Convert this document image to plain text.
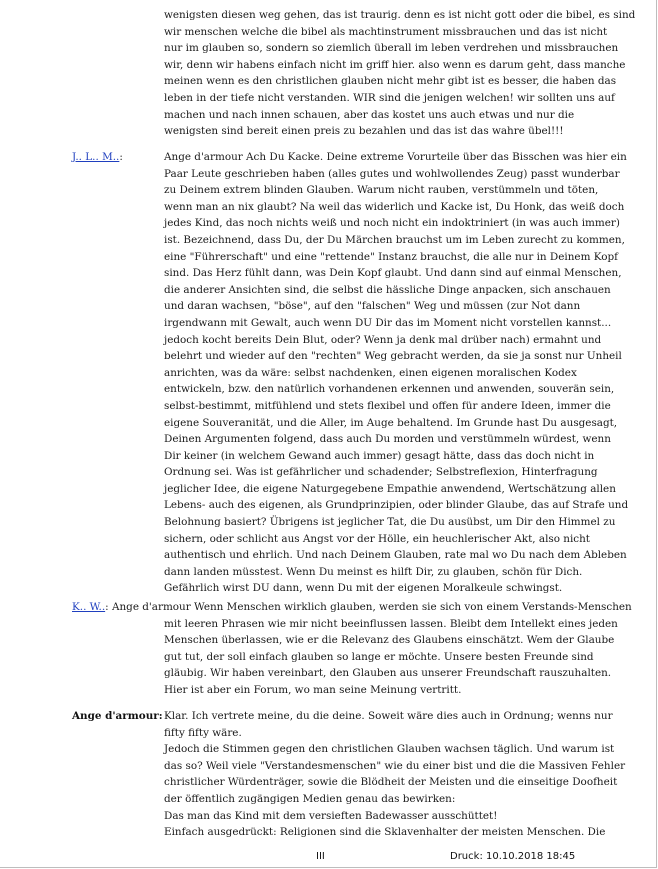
wenigsten diesen weg gehen, das ist traurig. denn es ist nicht gott oder die bibel, es sind
wir menschen welche die bibel als machtinstrument missbrauchen und das ist nicht
nur im glauben so, sondern so ziemlich überall im leben verdrehen und missbrauchen
wir, denn wir habens einfach nicht im griff hier. also wenn es darum geht, dass manche
meinen wenn es den christlichen glauben nicht mehr gibt ist es besser, die haben das
leben in der tiefe nicht verstanden. WIR sind die jenigen welchen! wir sollten uns auf
machen und nach innen schauen, aber das kostet uns auch etwas und nur die
wenigsten sind bereit einen preis zu bezahlen und das ist das wahre übel!!!
J.. L.. M..:	Ange d'armour Ach Du Kacke. Deine extreme Vorurteile über das Bisschen was hier ein
Paar Leute geschrieben haben (alles gutes und wohlwollendes Zeug) passt wunderbar
zu Deinem extrem blinden Glauben. Warum nicht rauben, verstümmeln und töten,
wenn man an nix glaubt? Na weil das widerlich und Kacke ist, Du Honk, das weiß doch
jedes Kind, das noch nichts weiß und noch nicht ein indoktriniert (in was auch immer)
ist. Bezeichnend, dass Du, der Du Märchen brauchst um im Leben zurecht zu kommen,
eine "Führerschaft" und eine "rettende" Instanz brauchst, die alle nur in Deinem Kopf
sind. Das Herz fühlt dann, was Dein Kopf glaubt. Und dann sind auf einmal Menschen,
die anderer Ansichten sind, die selbst die hässliche Dinge anpacken, sich anschauen
und daran wachsen, "böse", auf den "falschen" Weg und müssen (zur Not dann
irgendwann mit Gewalt, auch wenn DU Dir das im Moment nicht vorstellen kannst...
jedoch kocht bereits Dein Blut, oder? Wenn ja denk mal drüber nach) ermahnt und
belehrt und wieder auf den "rechten" Weg gebracht werden, da sie ja sonst nur Unheil
anrichten, was da wäre: selbst nachdenken, einen eigenen moralischen Kodex
entwickeln, bzw. den natürlich vorhandenen erkennen und anwenden, souverän sein,
selbst-bestimmt, mitfühlend und stets flexibel und offen für andere Ideen, immer die
eigene Souveranität, und die Aller, im Auge behaltend. Im Grunde hast Du ausgesagt,
Deinen Argumenten folgend, dass auch Du morden und verstümmeln würdest, wenn
Dir keiner (in welchem Gewand auch immer) gesagt hätte, dass das doch nicht in
Ordnung sei. Was ist gefährlicher und schadender; Selbstreflexion, Hinterfragung
jeglicher Idee, die eigene Naturgegebene Empathie anwendend, Wertschätzung allen
Lebens- auch des eigenen, als Grundprinzipien, oder blinder Glaube, das auf Strafe und
Belohnung basiert? Übrigens ist jeglicher Tat, die Du ausübst, um Dir den Himmel zu
sichern, oder schlicht aus Angst vor der Hölle, ein heuchlerischer Akt, also nicht
authentisch und ehrlich. Und nach Deinem Glauben, rate mal wo Du nach dem Ableben
dann landen müsstest. Wenn Du meinst es hilft Dir, zu glauben, schön für Dich.
Gefährlich wirst DU dann, wenn Du mit der eigenen Moralkeule schwingst.
K.. W..: Ange d'armour Wenn Menschen wirklich glauben, werden sie sich von einem Verstands-Menschen
mit leeren Phrasen wie mir nicht beeinflussen lassen. Bleibt dem Intellekt eines jeden
Menschen überlassen, wie er die Relevanz des Glaubens einschätzt. Wem der Glaube
gut tut, der soll einfach glauben so lange er möchte. Unsere besten Freunde sind
gläubig. Wir haben vereinbart, den Glauben aus unserer Freundschaft rauszuhalten.
Hier ist aber ein Forum, wo man seine Meinung vertritt.
Ange d'armour: Klar. Ich vertrete meine, du die deine. Soweit wäre dies auch in Ordnung; wenns nur
fifty fifty wäre.
Jedoch die Stimmen gegen den christlichen Glauben wachsen täglich. Und warum ist
das so? Weil viele "Verstandesmenschen" wie du einer bist und die die Massiven Fehler
christlicher Würdenträger, sowie die Blödheit der Meisten und die einseitige Doofheit
der öffentlich zugängigen Medien genau das bewirken:
Das man das Kind mit dem versieften Badewasser ausschüttet!
Einfach ausgedrückt: Religionen sind die Sklavenhalter der meisten Menschen. Die
III	Druck: 10.10.2018 18:45
